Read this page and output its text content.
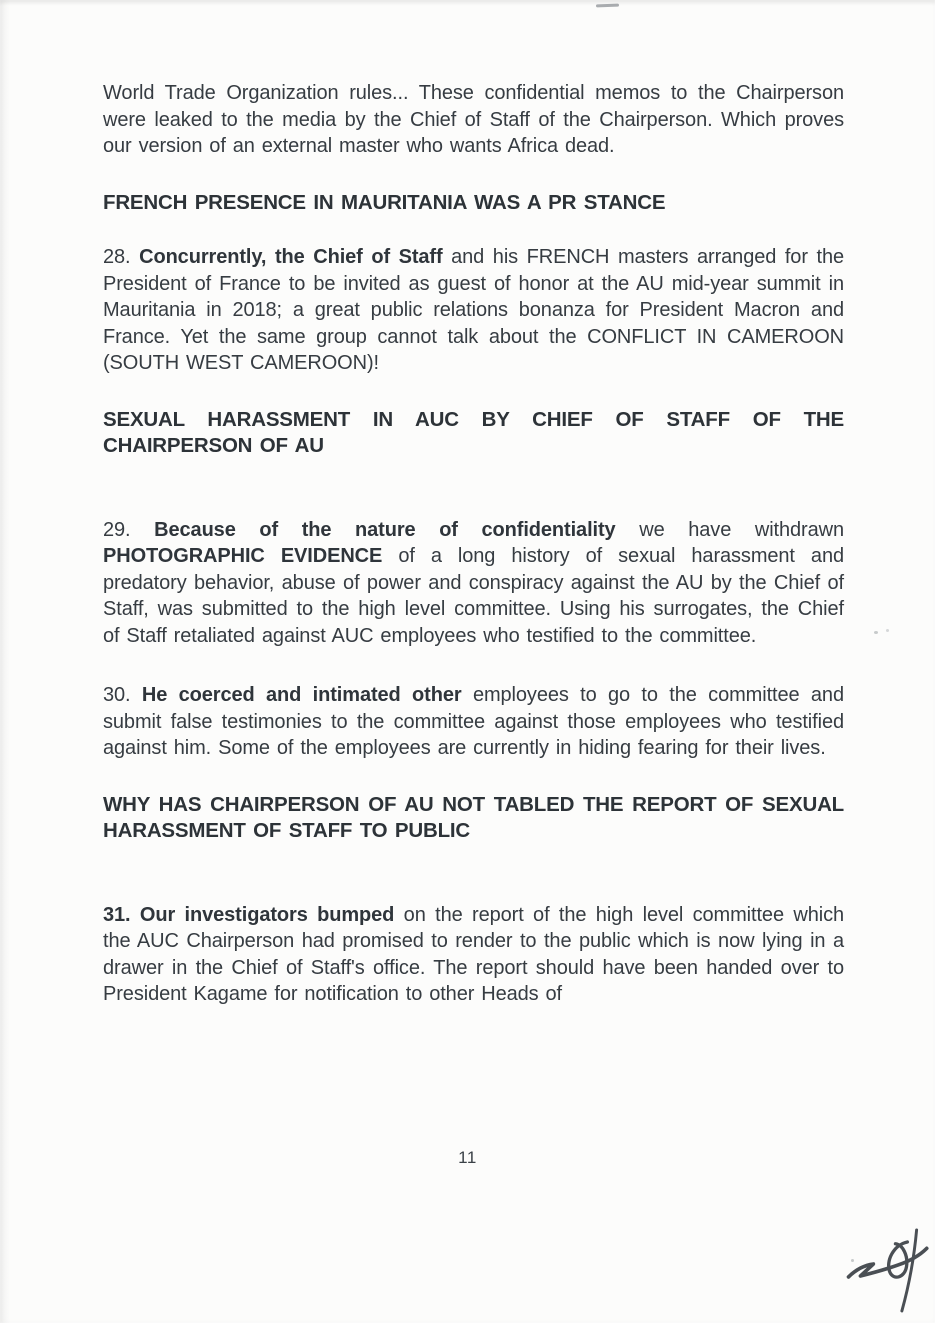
World Trade Organization rules... These confidential memos to the Chairperson were leaked to the media by the Chief of Staff of the Chairperson. Which proves our version of an external master who wants Africa dead.

FRENCH PRESENCE IN MAURITANIA WAS A PR STANCE

28. Concurrently, the Chief of Staff and his FRENCH masters arranged for the President of France to be invited as guest of honor at the AU mid-year summit in Mauritania in 2018; a great public relations bonanza for President Macron and France. Yet the same group cannot talk about the CONFLICT IN CAMEROON (SOUTH WEST CAMEROON)!

SEXUAL HARASSMENT IN AUC BY CHIEF OF STAFF OF THE CHAIRPERSON OF AU

29. Because of the nature of confidentiality we have withdrawn PHOTOGRAPHIC EVIDENCE of a long history of sexual harassment and predatory behavior, abuse of power and conspiracy against the AU by the Chief of Staff, was submitted to the high level committee. Using his surrogates, the Chief of Staff retaliated against AUC employees who testified to the committee.

30. He coerced and intimated other employees to go to the committee and submit false testimonies to the committee against those employees who testified against him. Some of the employees are currently in hiding fearing for their lives.

WHY HAS CHAIRPERSON OF AU NOT TABLED THE REPORT OF SEXUAL HARASSMENT OF STAFF TO PUBLIC

31. Our investigators bumped on the report of the high level committee which the AUC Chairperson had promised to render to the public which is now lying in a drawer in the Chief of Staff's office. The report should have been handed over to President Kagame for notification to other Heads of

11
